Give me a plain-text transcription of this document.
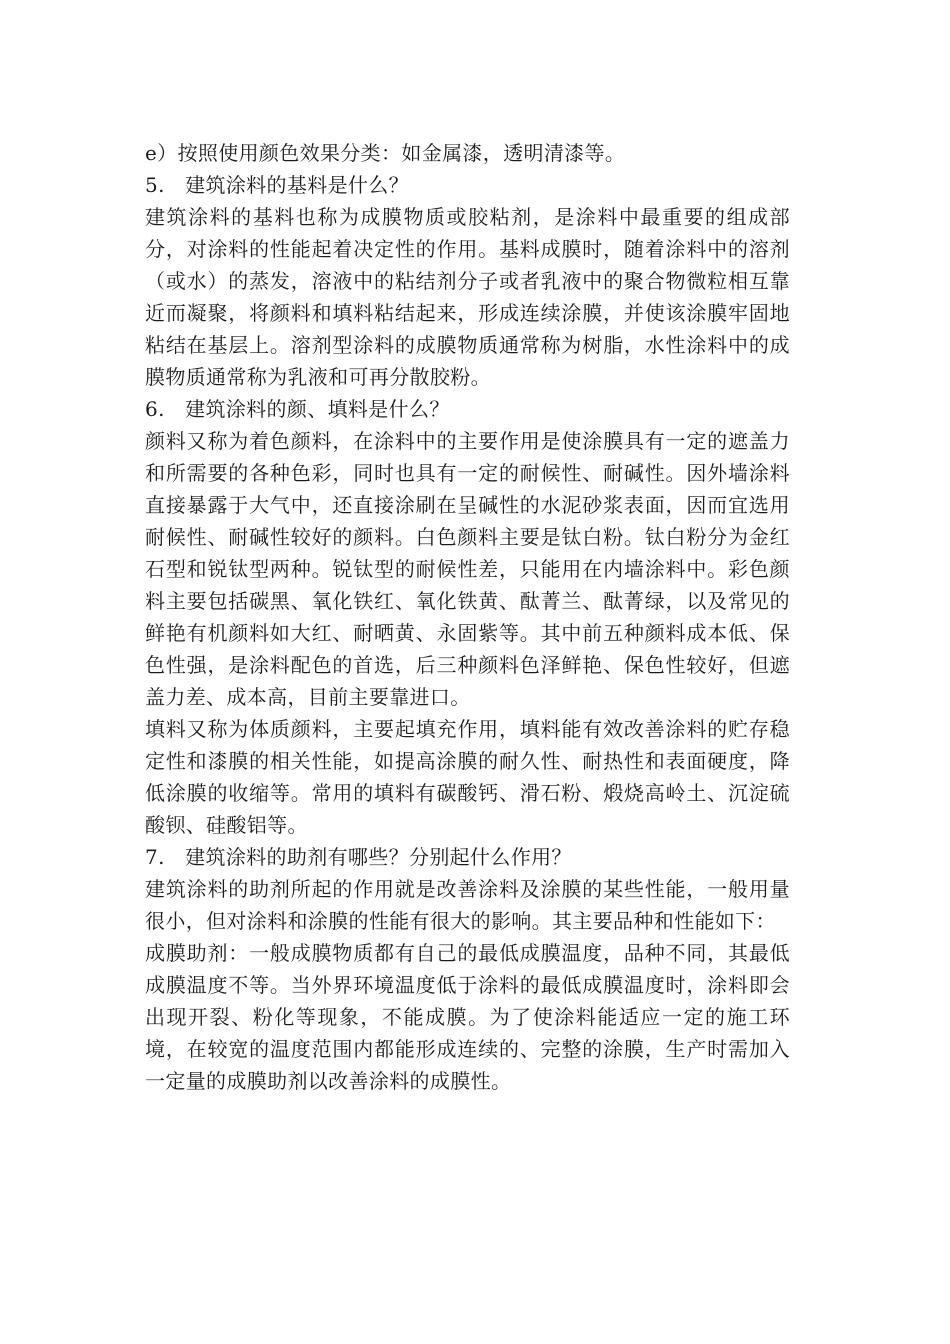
e）按照使用颜色效果分类：如金属漆，透明清漆等。

5.　建筑涂料的基料是什么？

建筑涂料的基料也称为成膜物质或胶粘剂，是涂料中最重要的组成部分，对涂料的性能起着决定性的作用。基料成膜时，随着涂料中的溶剂（或水）的蒸发，溶液中的粘结剂分子或者乳液中的聚合物微粒相互靠近而凝聚，将颜料和填料粘结起来，形成连续涂膜，并使该涂膜牢固地粘结在基层上。溶剂型涂料的成膜物质通常称为树脂，水性涂料中的成膜物质通常称为乳液和可再分散胶粉。

6.　建筑涂料的颜、填料是什么？

颜料又称为着色颜料，在涂料中的主要作用是使涂膜具有一定的遮盖力和所需要的各种色彩，同时也具有一定的耐候性、耐碱性。因外墙涂料直接暴露于大气中，还直接涂刷在呈碱性的水泥砂浆表面，因而宜选用耐候性、耐碱性较好的颜料。白色颜料主要是钛白粉。钛白粉分为金红石型和锐钛型两种。锐钛型的耐候性差，只能用在内墙涂料中。彩色颜料主要包括碳黑、氧化铁红、氧化铁黄、酞菁兰、酞菁绿，以及常见的鲜艳有机颜料如大红、耐晒黄、永固紫等。其中前五种颜料成本低、保色性强，是涂料配色的首选，后三种颜料色泽鲜艳、保色性较好，但遮盖力差、成本高，目前主要靠进口。

填料又称为体质颜料，主要起填充作用，填料能有效改善涂料的贮存稳定性和漆膜的相关性能，如提高涂膜的耐久性、耐热性和表面硬度，降低涂膜的收缩等。常用的填料有碳酸钙、滑石粉、煅烧高岭土、沉淀硫酸钡、硅酸铝等。

7.　建筑涂料的助剂有哪些？分别起什么作用？

建筑涂料的助剂所起的作用就是改善涂料及涂膜的某些性能，一般用量很小，但对涂料和涂膜的性能有很大的影响。其主要品种和性能如下：

成膜助剂：一般成膜物质都有自己的最低成膜温度，品种不同，其最低成膜温度不等。当外界环境温度低于涂料的最低成膜温度时，涂料即会出现开裂、粉化等现象，不能成膜。为了使涂料能适应一定的施工环境，在较宽的温度范围内都能形成连续的、完整的涂膜，生产时需加入一定量的成膜助剂以改善涂料的成膜性。
